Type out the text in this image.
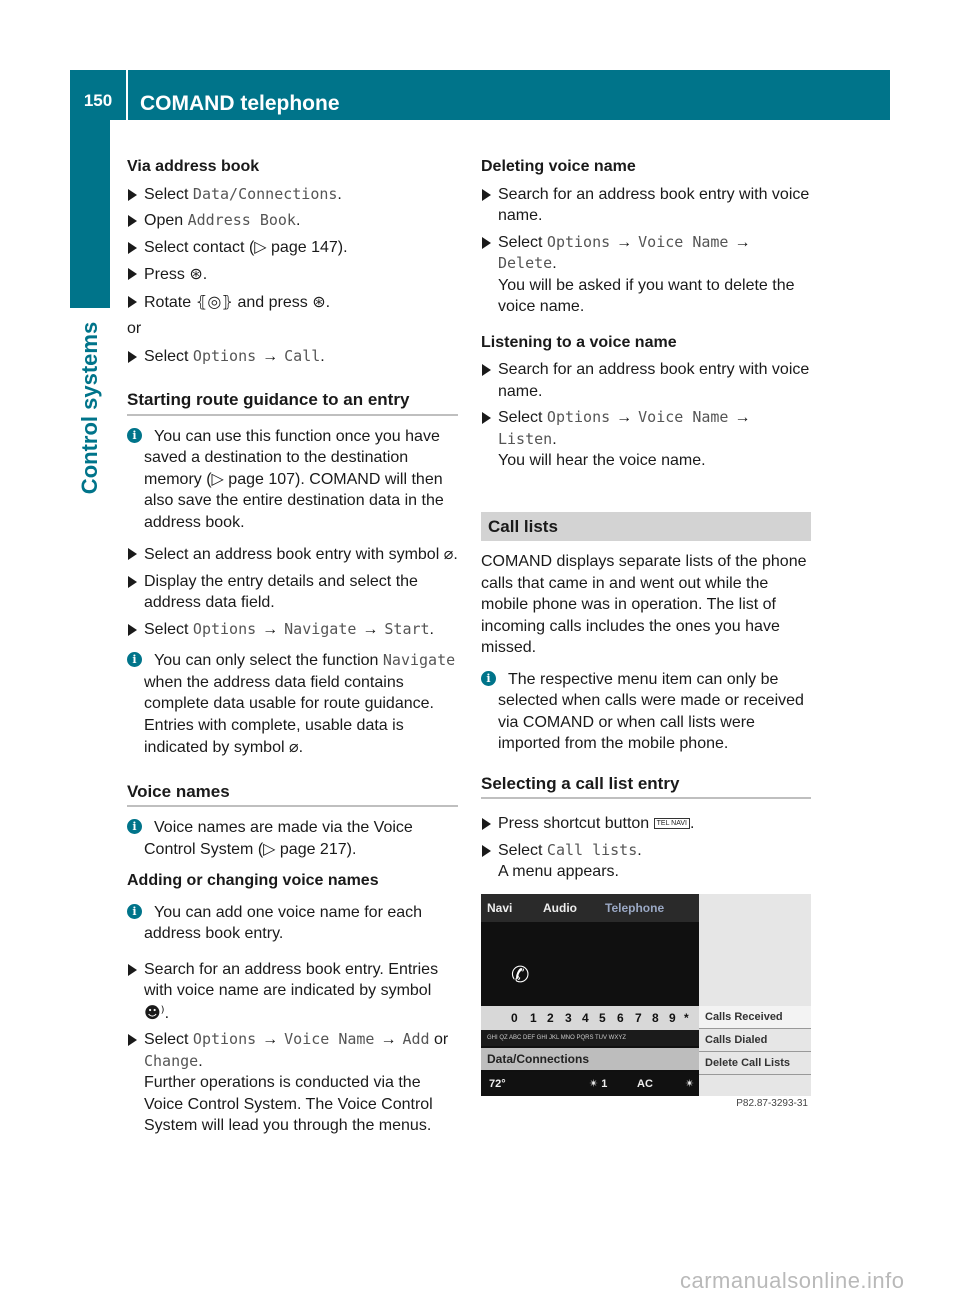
150	COMAND telephone
Control systems
Via address book
Select Data/Connections.
Open Address Book.
Select contact (▷ page 147).
Press ⊛.
Rotate ⦃◎⦄ and press ⊛.
or
Select Options → Call.
Starting route guidance to an entry
i	You can use this function once you have saved a destination to the destination memory (▷ page 107). COMAND will then also save the entire destination data in the address book.
Select an address book entry with symbol ⌀.
Display the entry details and select the address data field.
Select Options → Navigate → Start.
i	You can only select the function Navigate when the address data field contains complete data usable for route guidance. Entries with complete, usable data is indicated by symbol ⌀.
Voice names
i	Voice names are made via the Voice Control System (▷ page 217).
Adding or changing voice names
i	You can add one voice name for each address book entry.
Search for an address book entry. Entries with voice name are indicated by symbol ☻⁾.
Select Options → Voice Name → Add or Change.
Further operations is conducted via the Voice Control System. The Voice Control System will lead you through the menus.
Deleting voice name
Search for an address book entry with voice name.
Select Options → Voice Name →
Delete.
You will be asked if you want to delete the voice name.
Listening to a voice name
Search for an address book entry with voice name.
Select Options → Voice Name →
Listen.
You will hear the voice name.
Call lists
COMAND displays separate lists of the phone calls that came in and went out while the mobile phone was in operation. The list of incoming calls includes the ones you have missed.
i	The respective menu item can only be selected when calls were made or received via COMAND or when call lists were imported from the mobile phone.
Selecting a call list entry
Press shortcut button TEL NAVI .
Select Call lists.
A menu appears.
Navi	Audio Telephone
✆
0 1 2 3 4 5 6 7 8 9 *
GHI QZ ABC DEF GHI JKL MNO PQRS TUV WXYZ
Data/Connections
72°	✴ 1	AC	✴
Calls Received
Calls Dialed
Delete Call Lists
P82.87-3293-31
carmanualsonline.info
